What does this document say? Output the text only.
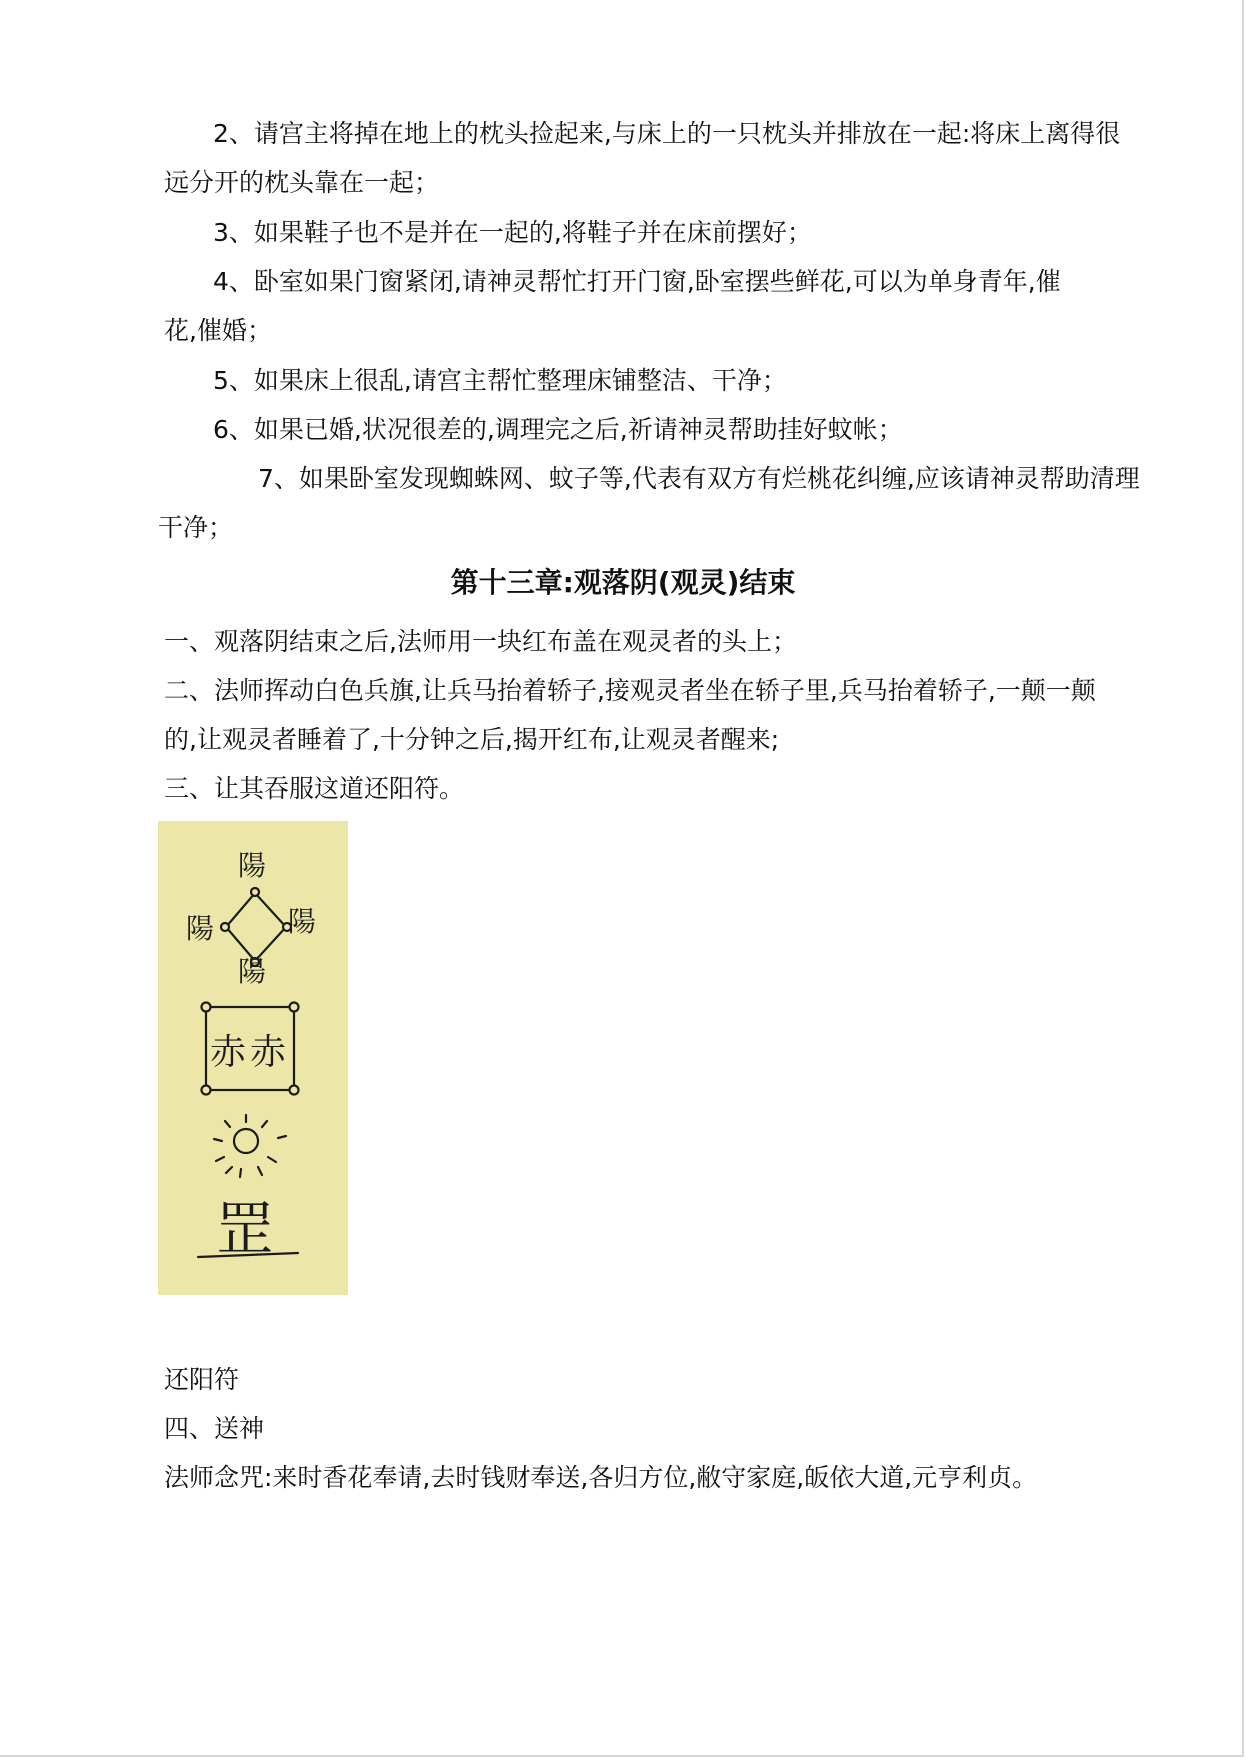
2、请宫主将掉在地上的枕头捡起来,与床上的一只枕头并排放在一起:将床上离得很
远分开的枕头靠在一起；
3、如果鞋子也不是并在一起的,将鞋子并在床前摆好；
4、卧室如果门窗紧闭,请神灵帮忙打开门窗,卧室摆些鲜花,可以为单身青年,催
花,催婚；
5、如果床上很乱,请宫主帮忙整理床铺整洁、干净；
6、如果已婚,状况很差的,调理完之后,祈请神灵帮助挂好蚊帐；
7、如果卧室发现蜘蛛网、蚊子等,代表有双方有烂桃花纠缠,应该请神灵帮助清理
干净；
第十三章:观落阴(观灵)结束
一、观落阴结束之后,法师用一块红布盖在观灵者的头上；
二、法师挥动白色兵旗,让兵马抬着轿子,接观灵者坐在轿子里,兵马抬着轿子,一颠一颠
的,让观灵者睡着了,十分钟之后,揭开红布,让观灵者醒来;
三、让其吞服这道还阳符。
陽
陽	陽
陽
赤 赤
罡
还阳符
四、送神
法师念咒:来时香花奉请,去时钱财奉送,各归方位,敝守家庭,皈依大道,元亨利贞。
